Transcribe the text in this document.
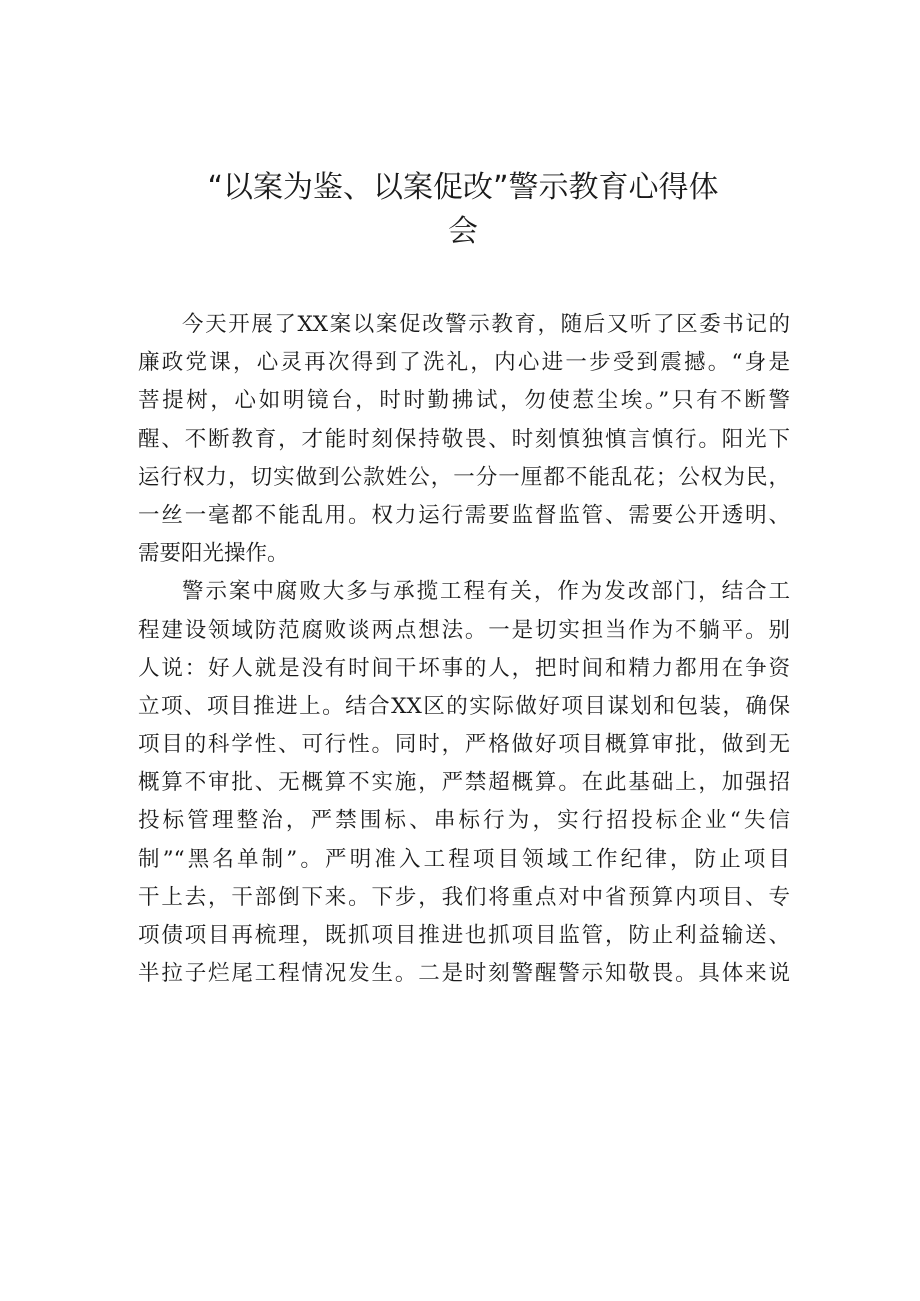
“以案为鉴、以案促改”警示教育心得体
会

今天开展了XX案以案促改警示教育，随后又听了区委书记的
廉政党课，心灵再次得到了洗礼，内心进一步受到震撼。“身是
菩提树，心如明镜台，时时勤拂试，勿使惹尘埃。”只有不断警
醒、不断教育，才能时刻保持敬畏、时刻慎独慎言慎行。阳光下
运行权力，切实做到公款姓公，一分一厘都不能乱花；公权为民，
一丝一毫都不能乱用。权力运行需要监督监管、需要公开透明、
需要阳光操作。

警示案中腐败大多与承揽工程有关，作为发改部门，结合工
程建设领域防范腐败谈两点想法。一是切实担当作为不躺平。别
人说：好人就是没有时间干坏事的人，把时间和精力都用在争资
立项、项目推进上。结合XX区的实际做好项目谋划和包装，确保
项目的科学性、可行性。同时，严格做好项目概算审批，做到无
概算不审批、无概算不实施，严禁超概算。在此基础上，加强招
投标管理整治，严禁围标、串标行为，实行招投标企业“失信
制”“黑名单制”。严明准入工程项目领域工作纪律，防止项目
干上去，干部倒下来。下步，我们将重点对中省预算内项目、专
项债项目再梳理，既抓项目推进也抓项目监管，防止利益输送、
半拉子烂尾工程情况发生。二是时刻警醒警示知敬畏。具体来说
